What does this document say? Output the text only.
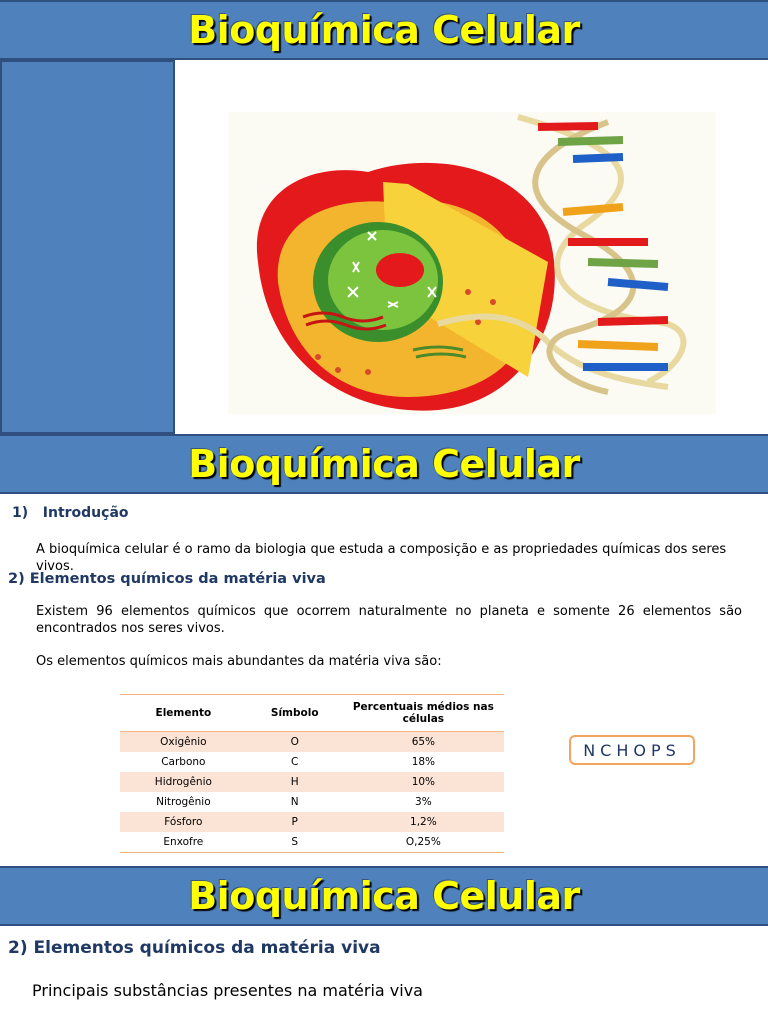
Bioquímica Celular
Bioquímica Celular
1)   Introdução
A bioquímica celular é o ramo da biologia que estuda a composição e as propriedades químicas dos seres vivos.
2) Elementos químicos da matéria viva
Existem 96 elementos químicos que ocorrem naturalmente no planeta e somente 26 elementos são encontrados nos seres vivos.
Os elementos químicos mais abundantes da matéria viva são:
Elemento	Símbolo	Percentuais médios nas células
Oxigênio	O	65%
Carbono	C	18%
Hidrogênio	H	10%
Nitrogênio	N	3%
Fósforo	P	1,2%
Enxofre	S	O,25%
NCHOPS
Bioquímica Celular
2) Elementos químicos da matéria viva
Principais substâncias presentes na matéria viva
